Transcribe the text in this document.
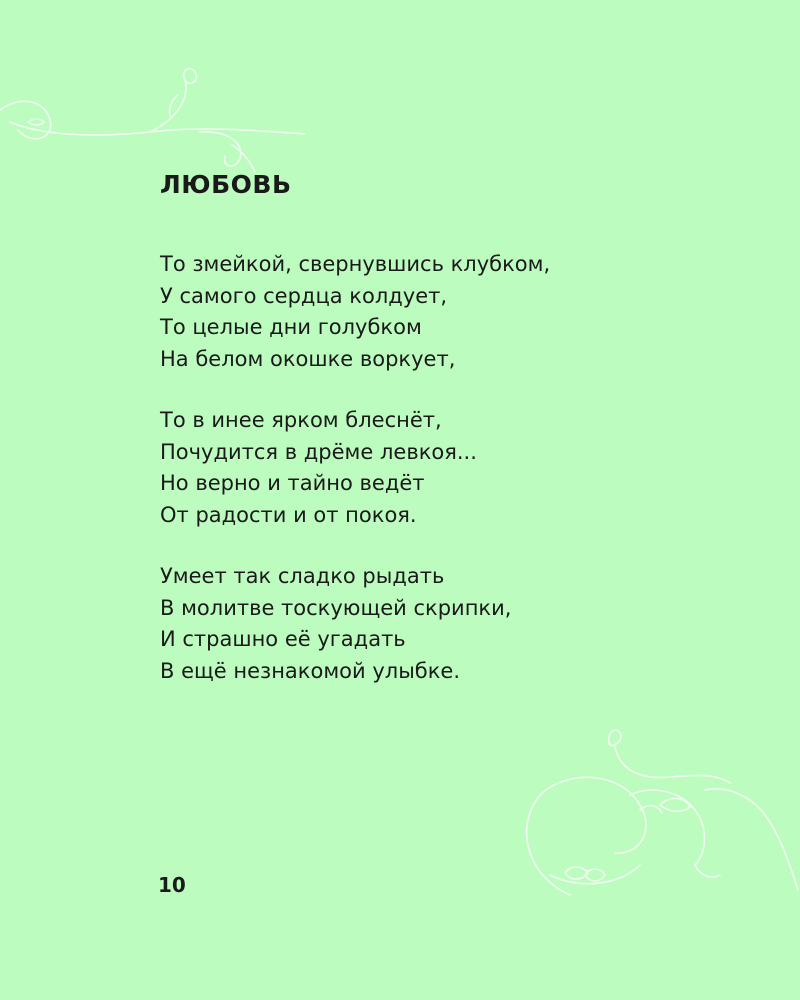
ЛЮБОВЬ
То змейкой, свернувшись клубком,
У самого сердца колдует,
То целые дни голубком
На белом окошке воркует,
То в инее ярком блеснёт,
Почудится в дрёме левкоя...
Но верно и тайно ведёт
От радости и от покоя.
Умеет так сладко рыдать
В молитве тоскующей скрипки,
И страшно её угадать
В ещё незнакомой улыбке.

10
